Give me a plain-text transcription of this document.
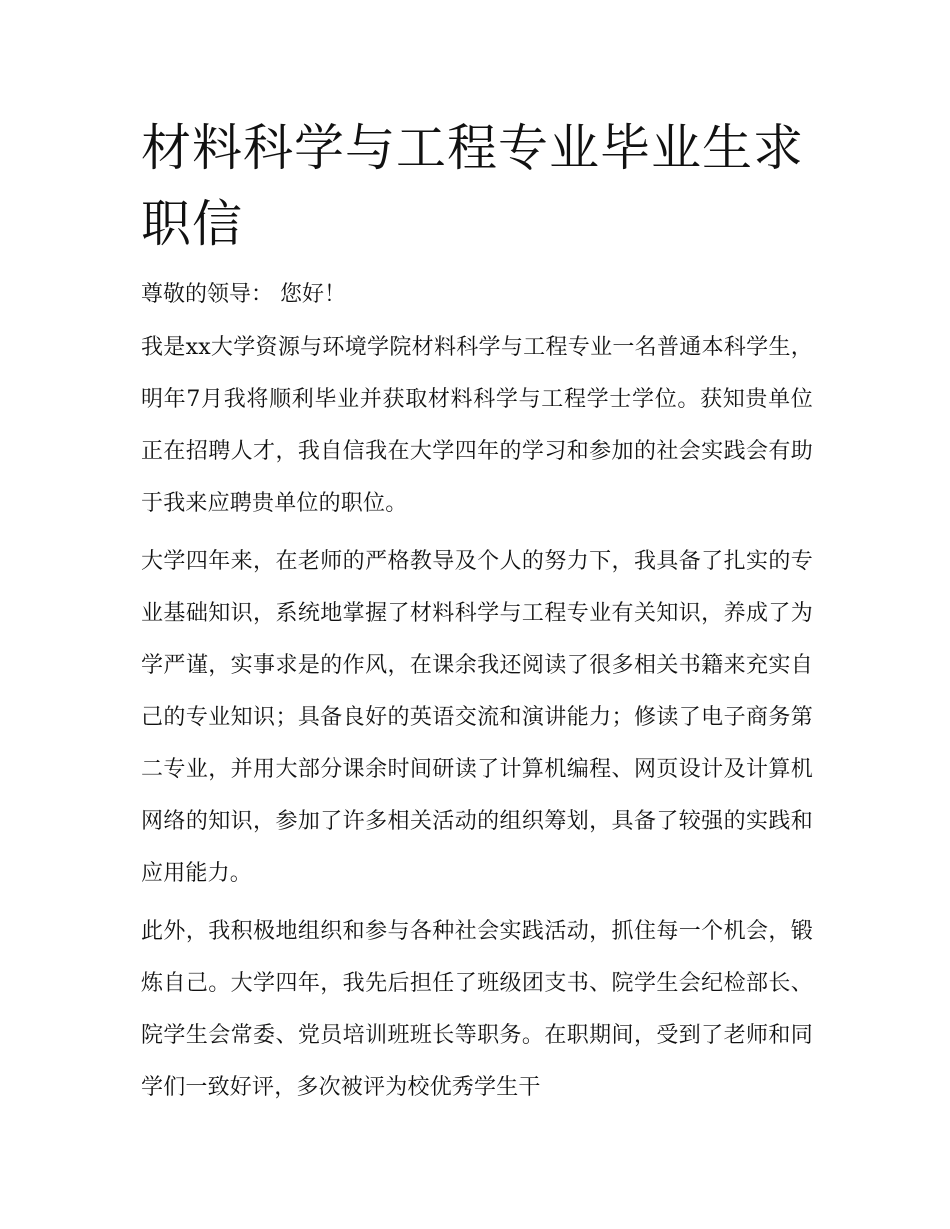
材料科学与工程专业毕业生求职信

尊敬的领导： 您好！

我是xx大学资源与环境学院材料科学与工程专业一名普通本科学生，明年7月我将顺利毕业并获取材料科学与工程学士学位。获知贵单位正在招聘人才，我自信我在大学四年的学习和参加的社会实践会有助于我来应聘贵单位的职位。

大学四年来，在老师的严格教导及个人的努力下，我具备了扎实的专业基础知识，系统地掌握了材料科学与工程专业有关知识，养成了为学严谨，实事求是的作风，在课余我还阅读了很多相关书籍来充实自己的专业知识；具备良好的英语交流和演讲能力；修读了电子商务第二专业，并用大部分课余时间研读了计算机编程、网页设计及计算机网络的知识，参加了许多相关活动的组织筹划，具备了较强的实践和应用能力。

此外，我积极地组织和参与各种社会实践活动，抓住每一个机会，锻炼自己。大学四年，我先后担任了班级团支书、院学生会纪检部长、院学生会常委、党员培训班班长等职务。在职期间，受到了老师和同学们一致好评，多次被评为校优秀学生干
